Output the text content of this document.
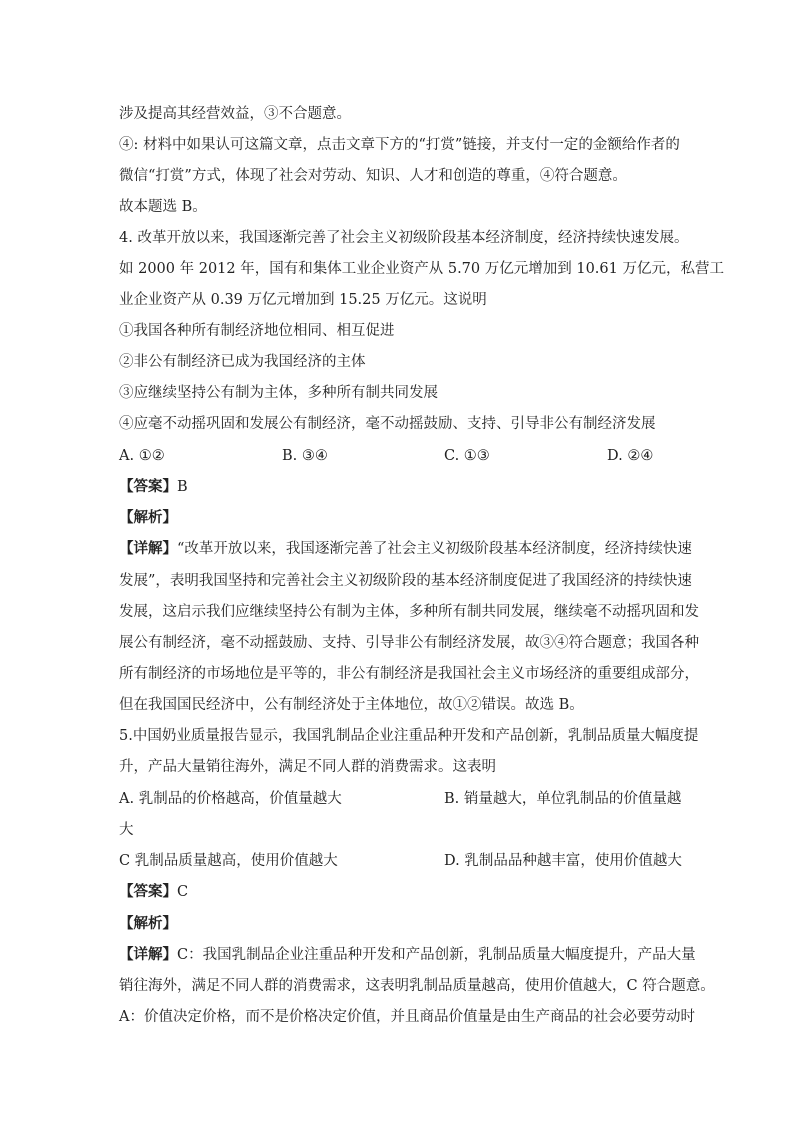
涉及提高其经营效益，③不合题意。
④: 材料中如果认可这篇文章，点击文章下方的“打赏”链接，并支付一定的金额给作者的
微信“打赏”方式，体现了社会对劳动、知识、人才和创造的尊重，④符合题意。
故本题选 B。
4. 改革开放以来，我国逐渐完善了社会主义初级阶段基本经济制度，经济持续快速发展。
如 2000 年 2012 年，国有和集体工业企业资产从 5.70 万亿元增加到 10.61 万亿元，私营工
业企业资产从 0.39 万亿元增加到 15.25 万亿元。这说明
①我国各种所有制经济地位相同、相互促进
②非公有制经济已成为我国经济的主体
③应继续坚持公有制为主体，多种所有制共同发展
④应毫不动摇巩固和发展公有制经济，毫不动摇鼓励、支持、引导非公有制经济发展
A. ①②	B. ③④	C. ①③	D. ②④
【答案】B
【解析】
【详解】“改革开放以来，我国逐渐完善了社会主义初级阶段基本经济制度，经济持续快速
发展”，表明我国坚持和完善社会主义初级阶段的基本经济制度促进了我国经济的持续快速
发展，这启示我们应继续坚持公有制为主体，多种所有制共同发展，继续毫不动摇巩固和发
展公有制经济，毫不动摇鼓励、支持、引导非公有制经济发展，故③④符合题意；我国各种
所有制经济的市场地位是平等的，非公有制经济是我国社会主义市场经济的重要组成部分，
但在我国国民经济中，公有制经济处于主体地位，故①②错误。故选 B。
5.中国奶业质量报告显示，我国乳制品企业注重品种开发和产品创新，乳制品质量大幅度提
升，产品大量销往海外，满足不同人群的消费需求。这表明
A. 乳制品的价格越高，价值量越大	B. 销量越大，单位乳制品的价值量越
大
C 乳制品质量越高，使用价值越大	D. 乳制品品种越丰富，使用价值越大
【答案】C
【解析】
【详解】C：我国乳制品企业注重品种开发和产品创新，乳制品质量大幅度提升，产品大量
销往海外，满足不同人群的消费需求，这表明乳制品质量越高，使用价值越大，C 符合题意。
A：价值决定价格，而不是价格决定价值，并且商品价值量是由生产商品的社会必要劳动时
